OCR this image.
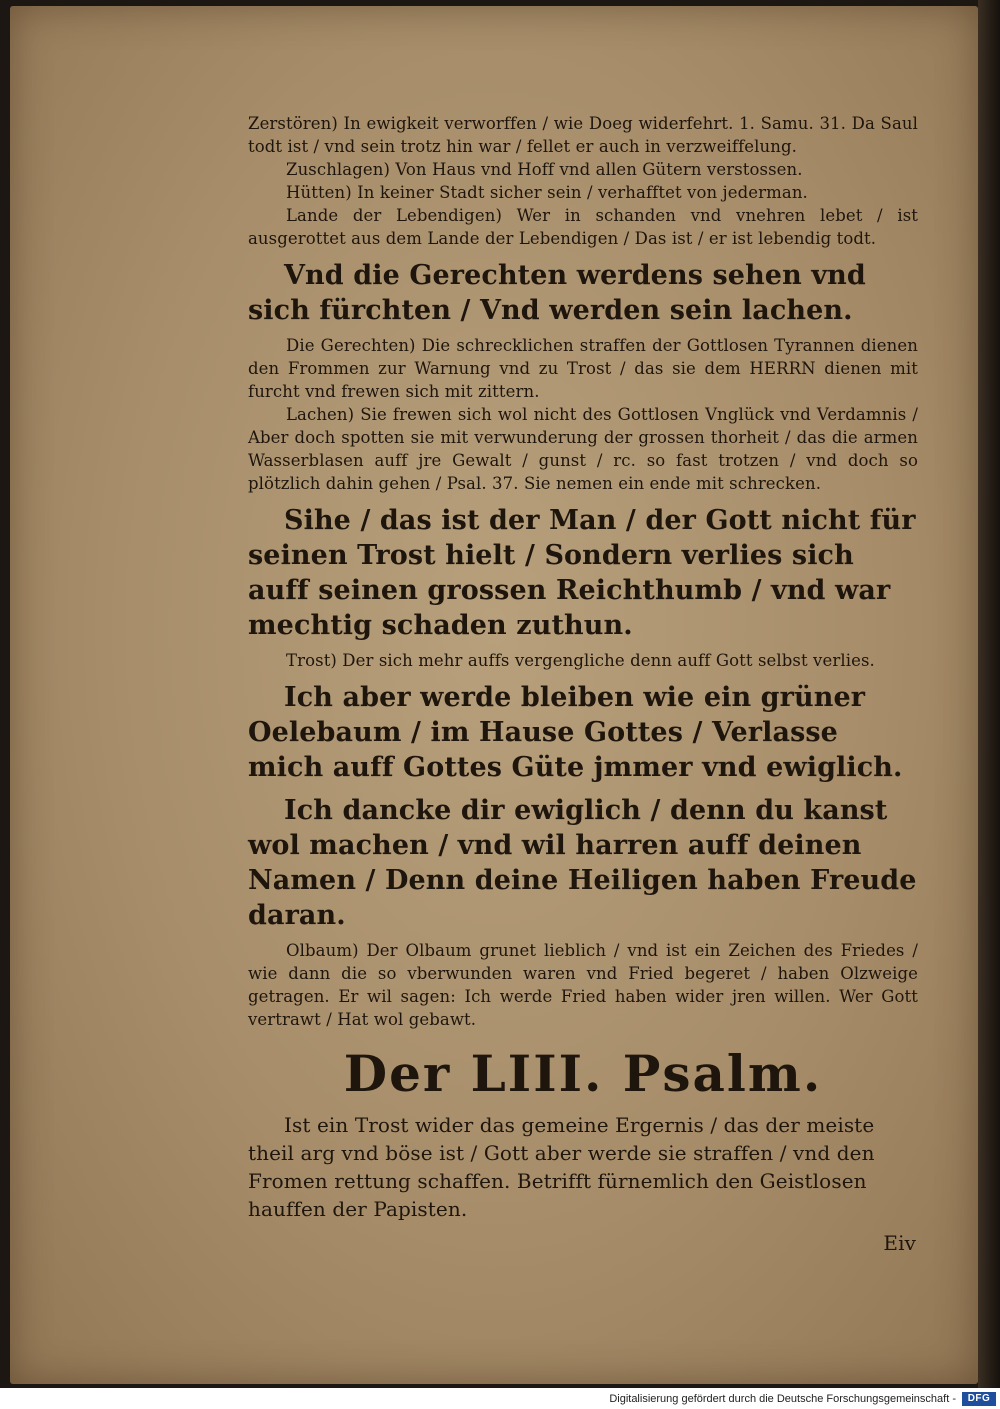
Zerstören) In ewigkeit verworffen / wie Doeg widerfehrt. 1. Samu. 31. Da Saul todt ist / vnd sein trotz hin war / fellet er auch in verzweiffelung.

Zuschlagen) Von Haus vnd Hoff vnd allen Gütern verstossen.

Hütten) In keiner Stadt sicher sein / verhafftet von jederman.

Lande der Lebendigen) Wer in schanden vnd vnehren lebet / ist ausgerottet aus dem Lande der Lebendigen / Das ist / er ist lebendig todt.

Vnd die Gerechten werdens sehen vnd sich fürchten / Vnd werden sein lachen.

Die Gerechten) Die schrecklichen straffen der Gottlosen Tyrannen dienen den Frommen zur Warnung vnd zu Trost / das sie dem HERRN dienen mit furcht vnd frewen sich mit zittern.

Lachen) Sie frewen sich wol nicht des Gottlosen Vnglück vnd Verdamnis / Aber doch spotten sie mit verwunderung der grossen thorheit / das die armen Wasserblasen auff jre Gewalt / gunst / rc. so fast trotzen / vnd doch so plötzlich dahin gehen / Psal. 37. Sie nemen ein ende mit schrecken.

Sihe / das ist der Man / der Gott nicht für seinen Trost hielt / Sondern verlies sich auff seinen grossen Reichthumb / vnd war mechtig schaden zuthun.

Trost) Der sich mehr auffs vergengliche denn auff Gott selbst verlies.

Ich aber werde bleiben wie ein grüner Oelebaum / im Hause Gottes / Verlasse mich auff Gottes Güte jmmer vnd ewiglich.

Ich dancke dir ewiglich / denn du kanst wol machen / vnd wil harren auff deinen Namen / Denn deine Heiligen haben Freude daran.

Olbaum) Der Olbaum grunet lieblich / vnd ist ein Zeichen des Friedes / wie dann die so vberwunden waren vnd Fried begeret / haben Olzweige getragen. Er wil sagen: Ich werde Fried haben wider jren willen. Wer Gott vertrawt / Hat wol gebawt.

Der LIII. Psalm.

Ist ein Trost wider das gemeine Ergernis / das der meiste theil arg vnd böse ist / Gott aber werde sie straffen / vnd den Fromen rettung schaffen. Betrifft fürnemlich den Geistlosen hauffen der Papisten.

Eiv

Digitalisierung gefördert durch die Deutsche Forschungsgemeinschaft -	DFG
